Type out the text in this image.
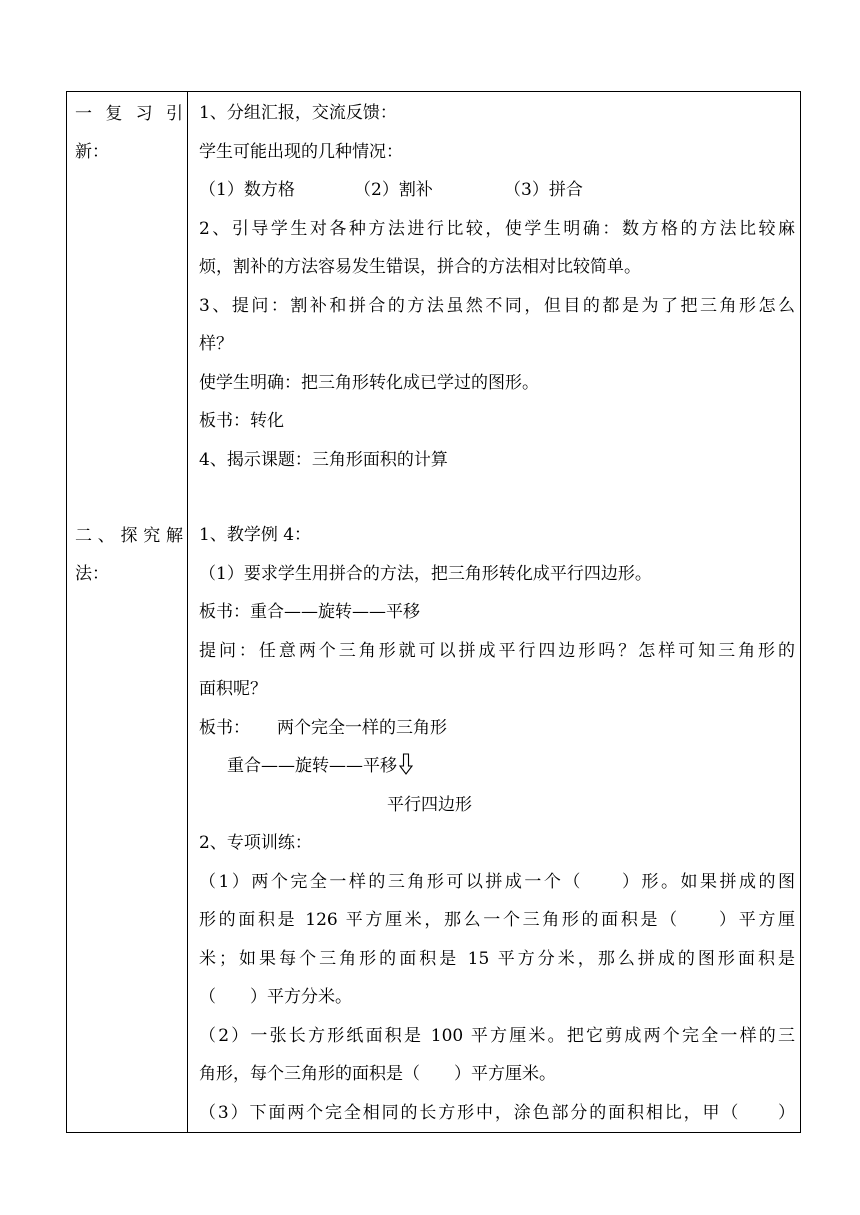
一 复 习 引
新：
1、分组汇报，交流反馈：
学生可能出现的几种情况：
（1）数方格	（2）割补	（3）拼合
2、引导学生对各种方法进行比较，使学生明确：数方格的方法比较麻
烦，割补的方法容易发生错误，拼合的方法相对比较简单。
3、提问：割补和拼合的方法虽然不同，但目的都是为了把三角形怎么
样？
使学生明确：把三角形转化成已学过的图形。
板书：转化
4、揭示课题：三角形面积的计算
二、探究解
法：
1、教学例 4：
（1）要求学生用拼合的方法，把三角形转化成平行四边形。
板书：重合——旋转——平移
提问：任意两个三角形就可以拼成平行四边形吗？怎样可知三角形的
面积呢？
板书： 两个完全一样的三角形
重合——旋转——平移
平行四边形
2、专项训练：
（1）两个完全一样的三角形可以拼成一个（　　）形。如果拼成的图
形的面积是 126 平方厘米，那么一个三角形的面积是（　　）平方厘
米；如果每个三角形的面积是 15 平方分米，那么拼成的图形面积是
（　　）平方分米。
（2）一张长方形纸面积是 100 平方厘米。把它剪成两个完全一样的三
角形，每个三角形的面积是（　　）平方厘米。
（3）下面两个完全相同的长方形中，涂色部分的面积相比，甲（　　）
